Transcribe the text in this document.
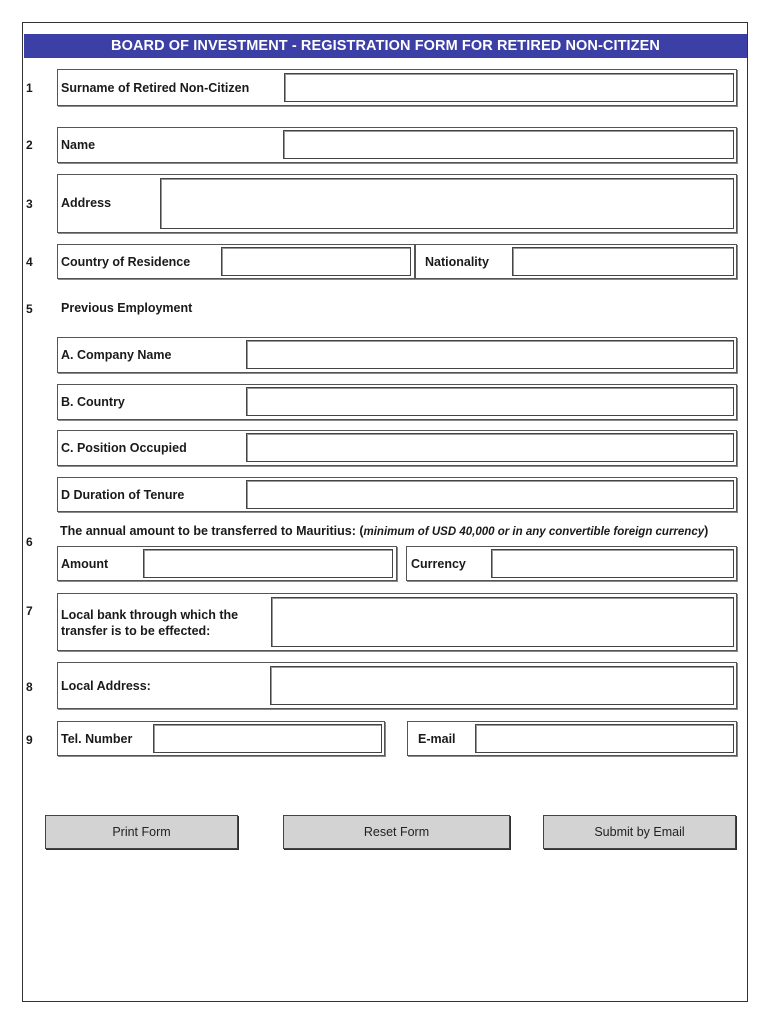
BOARD OF INVESTMENT - REGISTRATION FORM FOR RETIRED NON-CITIZEN
1 Surname of Retired Non-Citizen
2 Name
3 Address
4 Country of Residence	Nationality
5 Previous Employment
A. Company Name
B. Country
C. Position Occupied
D Duration of Tenure
6
The annual amount to be transferred to Mauritius: (minimum of USD 40,000 or in any convertible foreign currency)
Amount	Currency
7 Local bank through which the
transfer is to be effected:
8 Local Address:
9 Tel. Number	E-mail
Print Form	Reset Form	Submit by Email
